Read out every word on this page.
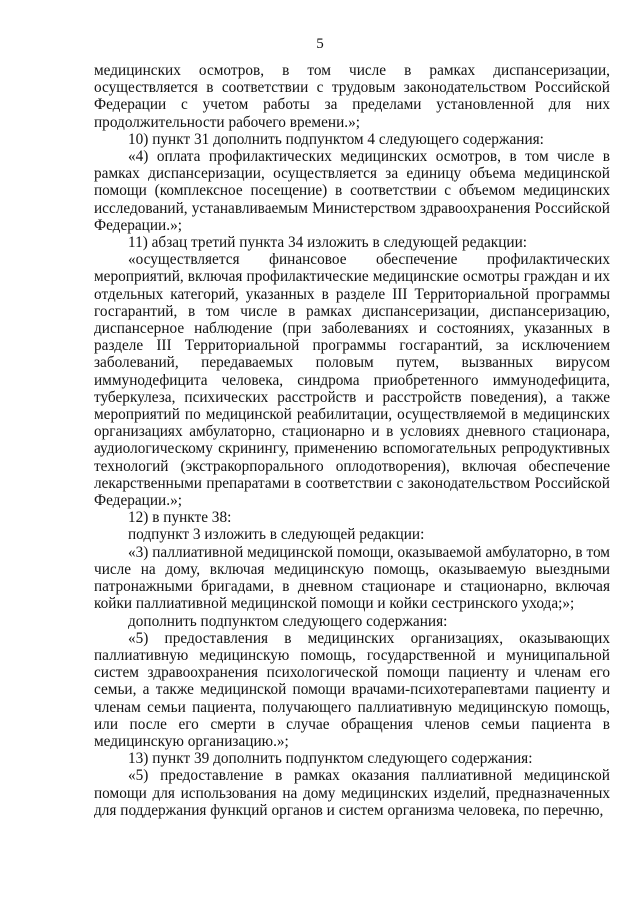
5

медицинских осмотров, в том числе в рамках диспансеризации, осуществляется в соответствии с трудовым законодательством Российской Федерации с учетом работы за пределами установленной для них продолжительности рабочего времени.»;

10) пункт 31 дополнить подпунктом 4 следующего содержания:

«4) оплата профилактических медицинских осмотров, в том числе в рамках диспансеризации, осуществляется за единицу объема медицинской помощи (комплексное посещение) в соответствии с объемом медицинских исследований, устанавливаемым Министерством здравоохранения Российской Федерации.»;

11) абзац третий пункта 34 изложить в следующей редакции:

«осуществляется финансовое обеспечение профилактических мероприятий, включая профилактические медицинские осмотры граждан и их отдельных категорий, указанных в разделе III Территориальной программы госгарантий, в том числе в рамках диспансеризации, диспансеризацию, диспансерное наблюдение (при заболеваниях и состояниях, указанных в разделе III Территориальной программы госгарантий, за исключением заболеваний, передаваемых половым путем, вызванных вирусом иммунодефицита человека, синдрома приобретенного иммунодефицита, туберкулеза, психических расстройств и расстройств поведения), а также мероприятий по медицинской реабилитации, осуществляемой в медицинских организациях амбулаторно, стационарно и в условиях дневного стационара, аудиологическому скринингу, применению вспомогательных репродуктивных технологий (экстракорпорального оплодотворения), включая обеспечение лекарственными препаратами в соответствии с законодательством Российской Федерации.»;

12) в пункте 38:

подпункт 3 изложить в следующей редакции:

«3) паллиативной медицинской помощи, оказываемой амбулаторно, в том числе на дому, включая медицинскую помощь, оказываемую выездными патронажными бригадами, в дневном стационаре и стационарно, включая койки паллиативной медицинской помощи и койки сестринского ухода;»;

дополнить подпунктом следующего содержания:

«5) предоставления в медицинских организациях, оказывающих паллиативную медицинскую помощь, государственной и муниципальной систем здравоохранения психологической помощи пациенту и членам его семьи, а также медицинской помощи врачами-психотерапевтами пациенту и членам семьи пациента, получающего паллиативную медицинскую помощь, или после его смерти в случае обращения членов семьи пациента в медицинскую организацию.»;

13) пункт 39 дополнить подпунктом следующего содержания:

«5) предоставление в рамках оказания паллиативной медицинской помощи для использования на дому медицинских изделий, предназначенных для поддержания функций органов и систем организма человека, по перечню,
